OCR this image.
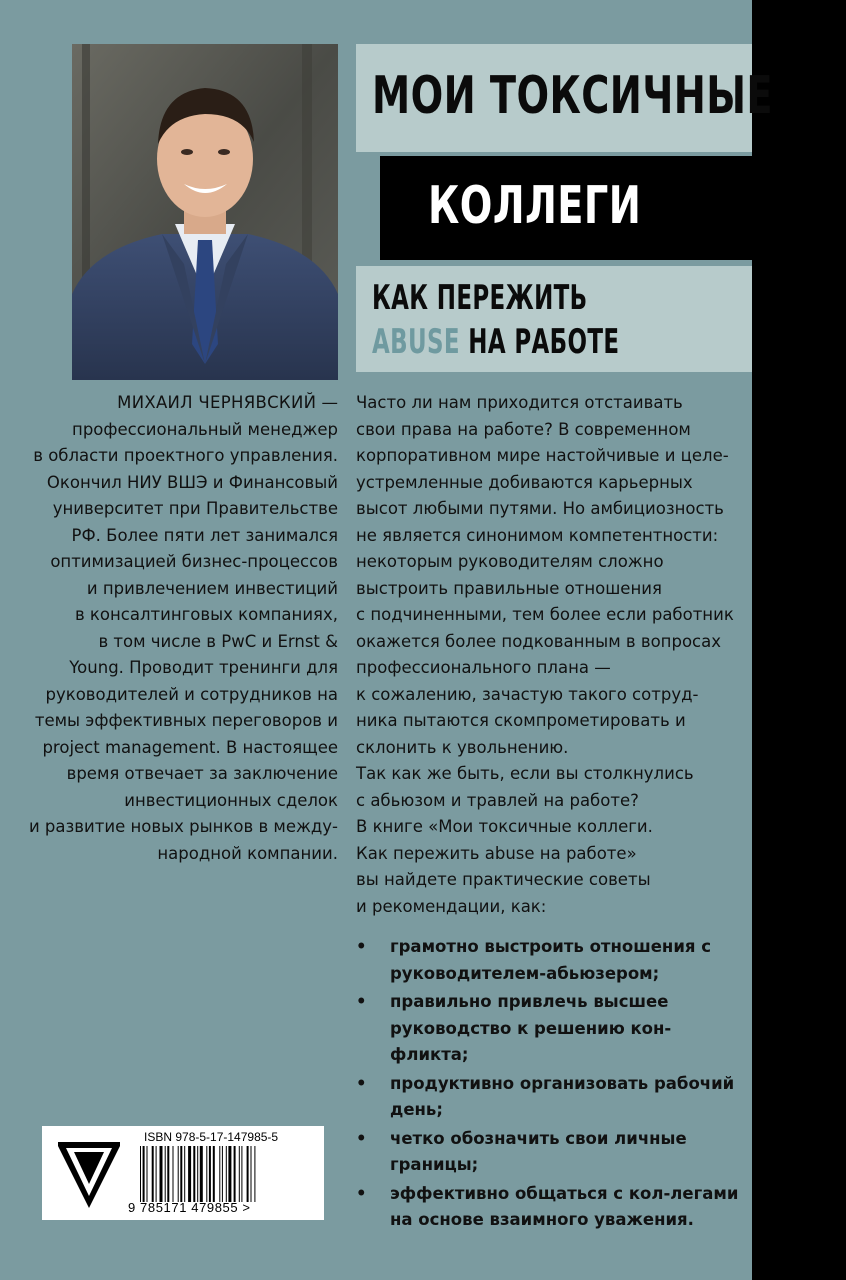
МОИ ТОКСИЧНЫЕ
КОЛЛЕГИ
КАК ПЕРЕЖИТЬ
ABUSE НА РАБОТЕ
МИХАИЛ ЧЕРНЯВСКИЙ — профессиональный менеджер
в области проектного управления.
Окончил НИУ ВШЭ и Финансовый
университет при Правительстве
РФ. Более пяти лет занимался
оптимизацией бизнес-процессов
и привлечением инвестиций
в консалтинговых компаниях,
в том числе в PwC и Ernst &
Young. Проводит тренинги для
руководителей и сотрудников на
темы эффективных переговоров и
project management. В настоящее
время отвечает за заключение
инвестиционных сделок
и развитие новых рынков в между-
народной компании.

Часто ли нам приходится отстаивать

свои права на работе? В современном

корпоративном мире настойчивые и целе-

устремленные добиваются карьерных

высот любыми путями. Но амбициозность

не является синонимом компетентности:

некоторым руководителям сложно

выстроить правильные отношения

с подчиненными, тем более если работник

окажется более подкованным в вопросах

профессионального плана —

к сожалению, зачастую такого сотруд-

ника пытаются скомпрометировать и

склонить к увольнению.

Так как же быть, если вы столкнулись

с абьюзом и травлей на работе?

В книге «Мои токсичные коллеги.

Как пережить abuse на работе»

вы найдете практические советы

и рекомендации, как:

• грамотно выстроить отношения с руководителем-абьюзером;
• правильно привлечь высшее руководство к решению кон-фликта;
• продуктивно организовать рабочий день;
• четко обозначить свои личные границы;
• эффективно общаться с кол-легами на основе взаимного уважения.
ISBN 978-5-17-147985-5
9 785171 479855 >
